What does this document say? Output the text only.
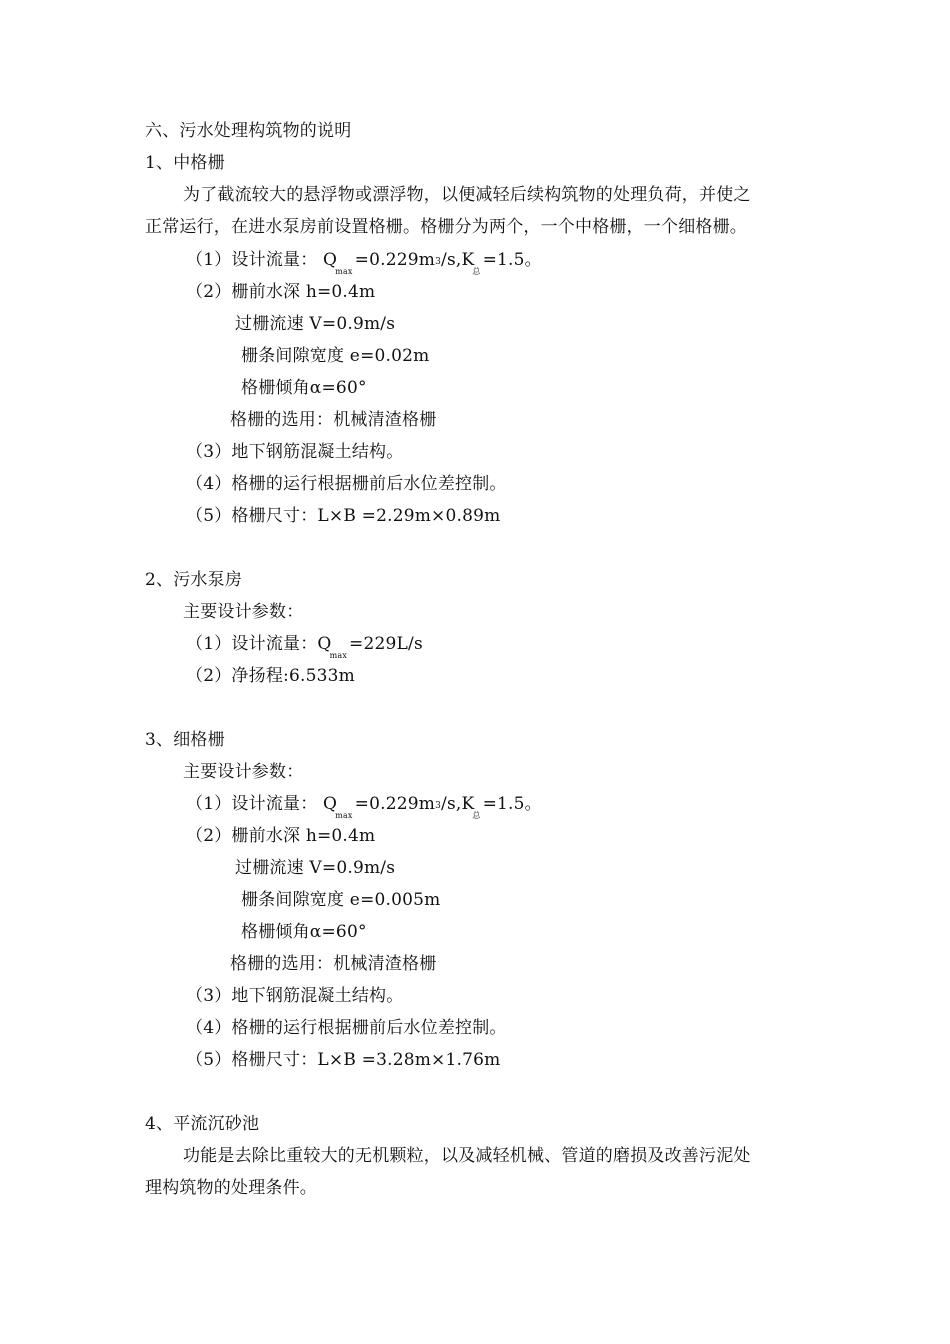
六、污水处理构筑物的说明
1、中格栅
为了截流较大的悬浮物或漂浮物，以便减轻后续构筑物的处理负荷，并使之
正常运行，在进水泵房前设置格栅。格栅分为两个，一个中格栅，一个细格栅。
（1）设计流量： $Q_{max}=0.229m3/s,K_总=1.5$。
（2）栅前水深 h=0.4m
过栅流速 V=0.9m/s
栅条间隙宽度 e=0.02m
格栅倾角α=60°
格栅的选用：机械清渣格栅
（3）地下钢筋混凝土结构。
（4）格栅的运行根据栅前后水位差控制。
（5）格栅尺寸：L×B =2.29m×0.89m
2、污水泵房
主要设计参数：
（1）设计流量：$Q_{max}=229L/s$
（2）净扬程:6.533m
3、细格栅
主要设计参数：
（1）设计流量： $Q_{max}=0.229m3/s,K_总=1.5$。
（2）栅前水深 h=0.4m
过栅流速 V=0.9m/s
栅条间隙宽度 e=0.005m
格栅倾角α=60°
格栅的选用：机械清渣格栅
（3）地下钢筋混凝土结构。
（4）格栅的运行根据栅前后水位差控制。
（5）格栅尺寸：L×B =3.28m×1.76m
4、平流沉砂池
功能是去除比重较大的无机颗粒，以及减轻机械、管道的磨损及改善污泥处
理构筑物的处理条件。
